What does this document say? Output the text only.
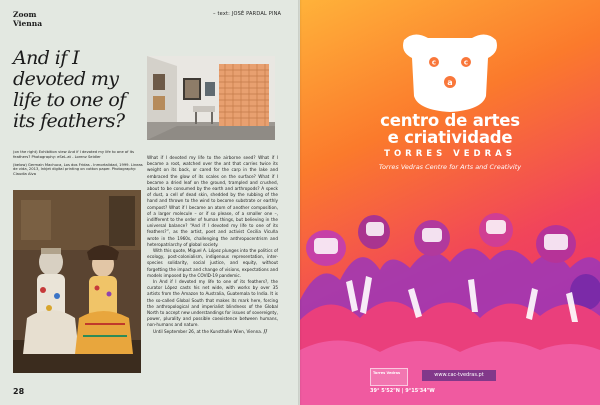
Zoom
Vienna
– text: JOSÉ PARDAL PINA
And if I devoted my life to one of its feathers?

(on the right) Exhibition view And if I devoted my life to one of its feathers? Photography: eSeL.at - Lorenz Seidler

(below) Germain Machuca, Los dos Fridas - Inmortalidad, 1999. Lineas de vida, 2013, Inkjet digital printing on cotton paper. Photography: Claudia Alva

What if I devoted my life to the airborne seed? What if I became a root, watched over the ant that carries twice its weight on its back, or cared for the carp in the lake and embraced the glow of its scales on the surface? What if I became a dried leaf on the ground, trampled and crushed, about to be consumed by the earth and arthropods? A speck of dust, a cell of dead skin, shedded by the rubbing of the hand and thrown to the wind to become substrate or earthly compost? What if I became an atom of another composition, of a larger molecule – or if so please, of a smaller one –, indifferent to the order of human things, but believing in the universal balance? “And if I devoted my life to one of its feathers?”, as the artist, poet and activist Cecilia Vicuña wrote in the 1960s, challenging the anthropocentrism and heteropatriarchy of global society.

With this quote, Miguel A. López plunges into the politics of ecology, post-colonialism, indigenous representation, inter-species solidarity, social justice, and equity, without forgetting the impact and change of visions, expectations and models imposed by the COVID-19 pandemic.

In And if I devoted my life to one of its feathers?, the curator López casts his net wide, with works by over 35 artists from the Amazon to Australia, Guatemala to India. It is the so-called Global South that makes its mark here, forcing the anthropological and imperialist blindness of the Global North to accept new understandings for issues of sovereignty, power, plurality and possible coexistence between humans, non-humans and nature.

Until September 26, at the Kunsthalle Wien, Vienna. //

28
c	c
a
centro de artes
e criatividade
TORRES VEDRAS
Torres Vedras Centre for Arts and Creativity
Torres Vedras	www.cac-tvedras.pt
39° 5'52"N | 9°15'34"W
